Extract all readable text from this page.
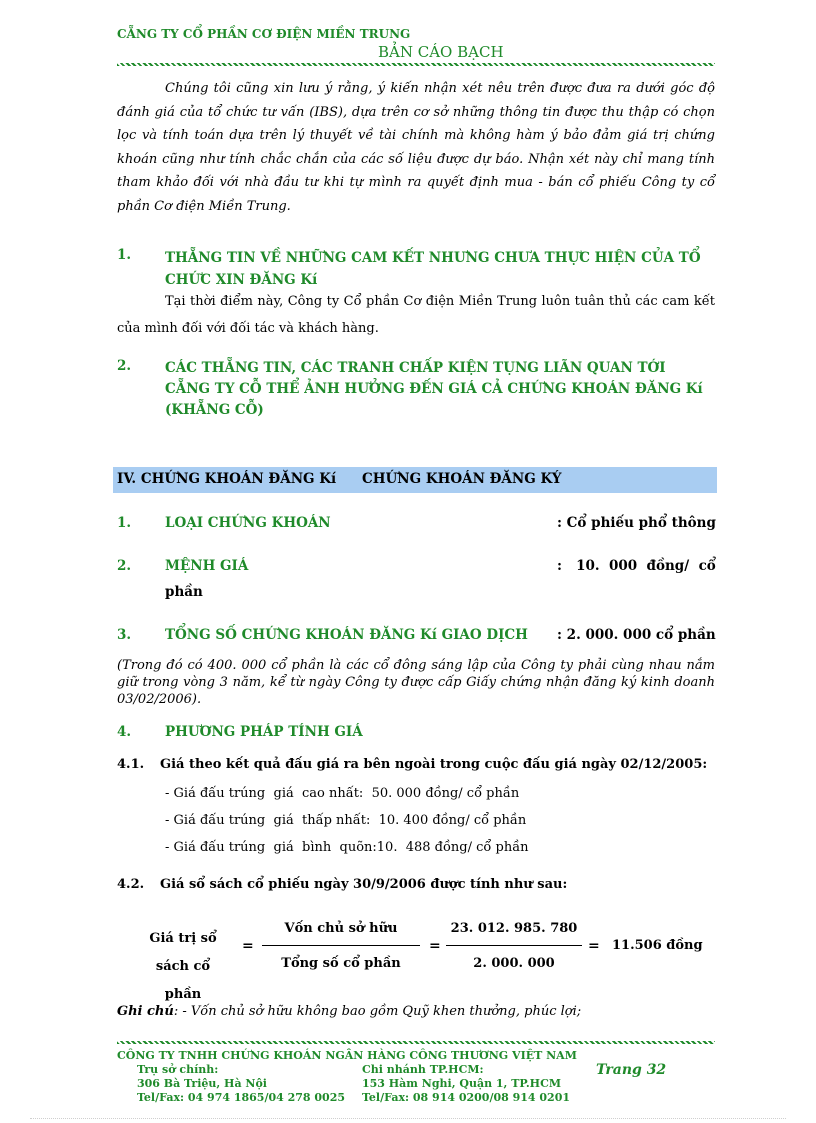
CẴNG TY CỔ PHẦN CƠ ĐIỆN MIỀN TRUNG
BẢN CÁO BẠCH
Chúng tôi cũng xin lưu ý rằng, ý kiến nhận xét nêu trên được đưa ra dưới góc độ đánh giá của tổ chức tư vấn (IBS), dựa trên cơ sở những thông tin được thu thập có chọn lọc và tính toán dựa trên lý thuyết về tài chính mà không hàm ý bảo đảm giá trị chứng khoán cũng như tính chắc chắn của các số liệu được dự báo. Nhận xét này chỉ mang tính tham khảo đối với nhà đầu tư khi tự mình ra quyết định mua - bán cổ phiếu Công ty cổ phần Cơ điện Miền Trung.
1.	THẴNG TIN VỀ NHỮNG CAM KẾT NHƯNG CHƯA THỰC HIỆN CỦA TỔ
CHỨC XIN ĐĂNG Kí
Tại thời điểm này, Công ty Cổ phần Cơ điện Miền Trung luôn tuân thủ các cam kết của mình đối với đối tác và khách hàng.
2.	CÁC THẴNG TIN, CÁC TRANH CHẤP KIỆN TỤNG LIÃN QUAN TỚI
CẴNG TY CỖ THỂ ẢNH HƯỞNG ĐẾN GIÁ CẢ CHỨNG KHOÁN ĐĂNG Kí
(KHẴNG CỖ)
IV. CHỨNG KHOÁN ĐĂNG Kí CHỨNG KHOÁN ĐĂNG KÝ
1.	LOẠI CHỨNG KHOÁN	: Cổ phiếu phổ thông
2.	MỆNH GIÁ	:   10.  000  đồng/  cổ
phần
3.	TỔNG SỐ CHỨNG KHOÁN ĐĂNG Kí GIAO DỊCH : 2. 000. 000 cổ phần
(Trong đó có 400. 000 cổ phần là các cổ đông sáng lập của Công ty phải cùng nhau nắm giữ trong vòng 3 năm, kể từ ngày Công ty được cấp Giấy chứng nhận đăng ký kinh doanh 03/02/2006).
4.	PHƯƠNG PHÁP TÍNH GIÁ
4.1. Giá theo kết quả đấu giá ra bên ngoài trong cuộc đấu giá ngày 02/12/2005:
- Giá đấu trúng  giá  cao nhất:  50. 000 đồng/ cổ phần
- Giá đấu trúng  giá  thấp nhất:  10. 400 đồng/ cổ phần
- Giá đấu trúng  giá  bình  quõn:10.  488 đồng/ cổ phần
4.2. Giá sổ sách cổ phiếu ngày 30/9/2006 được tính như sau:
Giá trị sổ
sách cổ phần
=
Vốn chủ sở hữu
Tổng số cổ phần
=
23. 012. 985. 780
2. 000. 000
= 11.506 đồng
Ghi chú: - Vốn chủ sở hữu không bao gồm Quỹ khen thưởng, phúc lợi;
CÔNG TY TNHH CHỨNG KHOÁN NGÂN HÀNG CÔNG THƯƠNG VIỆT NAM
Trụ sở chính:
306 Bà Triệu, Hà Nội
Tel/Fax: 04 974 1865/04 278 0025
Chi nhánh TP.HCM:
153 Hàm Nghi, Quận 1, TP.HCM
Tel/Fax: 08 914 0200/08 914 0201
Trang 32
